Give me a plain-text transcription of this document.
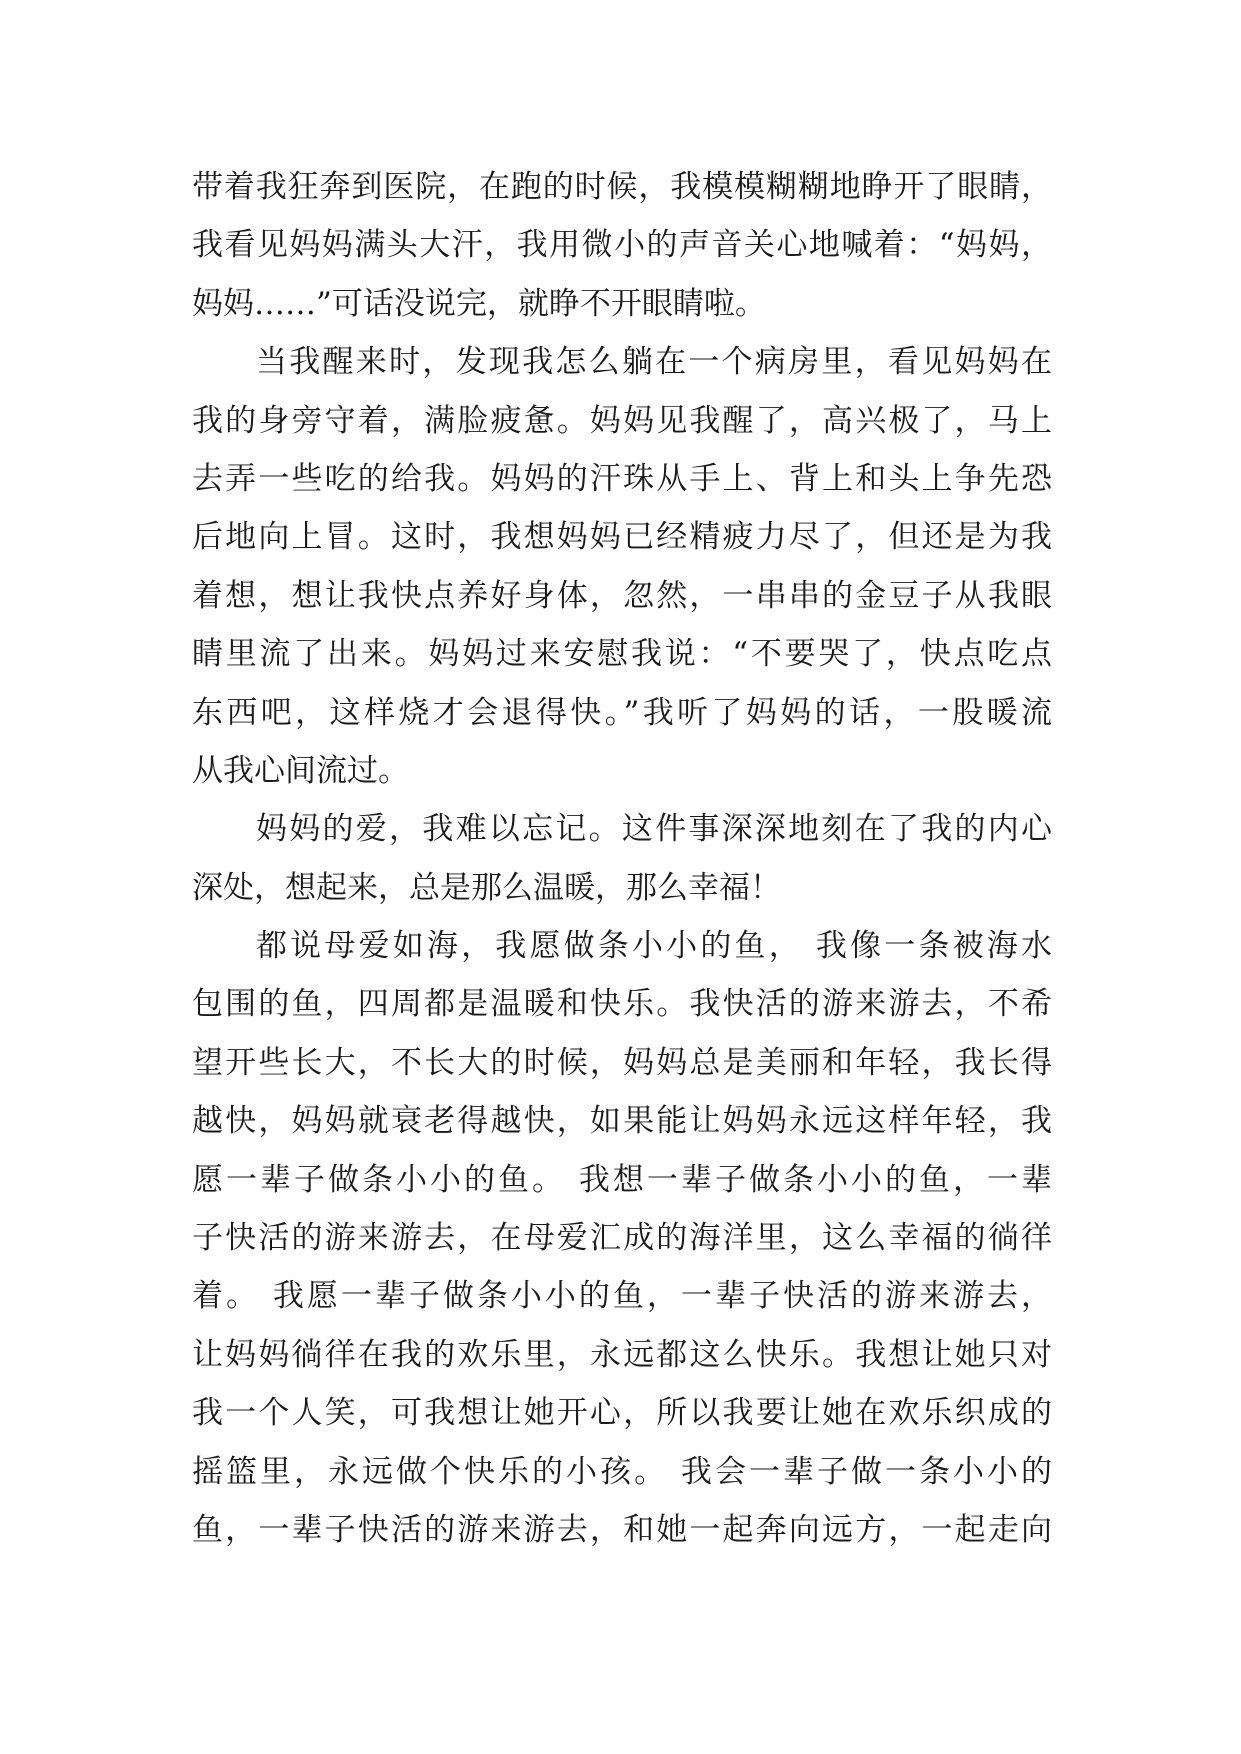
带着我狂奔到医院，在跑的时候，我模模糊糊地睁开了眼睛，
我看见妈妈满头大汗，我用微小的声音关心地喊着：“妈妈，
妈妈……”可话没说完，就睁不开眼睛啦。
当我醒来时，发现我怎么躺在一个病房里，看见妈妈在
我的身旁守着，满脸疲惫。妈妈见我醒了，高兴极了，马上
去弄一些吃的给我。妈妈的汗珠从手上、背上和头上争先恐
后地向上冒。这时，我想妈妈已经精疲力尽了，但还是为我
着想，想让我快点养好身体，忽然，一串串的金豆子从我眼
睛里流了出来。妈妈过来安慰我说：“不要哭了，快点吃点
东西吧，这样烧才会退得快。”我听了妈妈的话，一股暖流
从我心间流过。
妈妈的爱，我难以忘记。这件事深深地刻在了我的内心
深处，想起来，总是那么温暖，那么幸福！
都说母爱如海，我愿做条小小的鱼， 我像一条被海水
包围的鱼，四周都是温暖和快乐。我快活的游来游去，不希
望开些长大，不长大的时候，妈妈总是美丽和年轻，我长得
越快，妈妈就衰老得越快，如果能让妈妈永远这样年轻，我
愿一辈子做条小小的鱼。 我想一辈子做条小小的鱼，一辈
子快活的游来游去，在母爱汇成的海洋里，这么幸福的徜徉
着。 我愿一辈子做条小小的鱼，一辈子快活的游来游去，
让妈妈徜徉在我的欢乐里，永远都这么快乐。我想让她只对
我一个人笑，可我想让她开心，所以我要让她在欢乐织成的
摇篮里，永远做个快乐的小孩。 我会一辈子做一条小小的
鱼，一辈子快活的游来游去，和她一起奔向远方，一起走向
